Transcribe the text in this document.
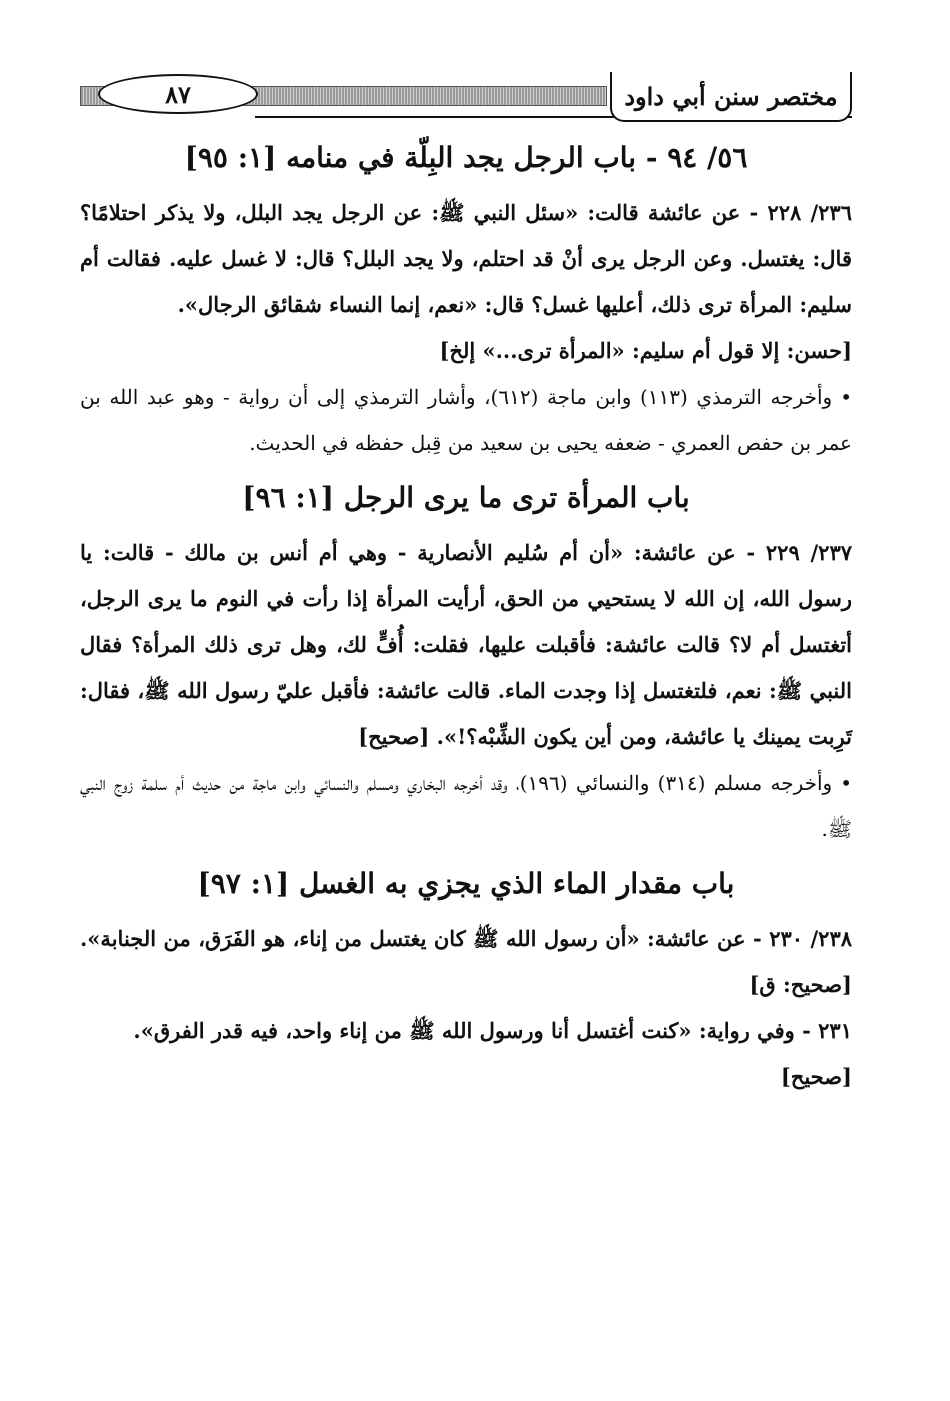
٨٧	مختصر سنن أبي داود
٥٦/ ٩٤ - باب الرجل يجد البِلّة في منامه [١: ٩٥]

٢٣٦/ ٢٢٨ - عن عائشة قالت: «سئل النبي ﷺ: عن الرجل يجد البلل، ولا يذكر احتلامًا؟ قال: يغتسل. وعن الرجل يرى أنْ قد احتلم، ولا يجد البلل؟ قال: لا غسل عليه. فقالت أم سليم: المرأة ترى ذلك، أعليها غسل؟ قال: «نعم، إنما النساء شقائق الرجال».

[حسن: إلا قول أم سليم: «المرأة ترى...» إلخ]

•وأخرجه الترمذي (١١٣) وابن ماجة (٦١٢)، وأشار الترمذي إلى أن رواية - وهو عبد الله بن عمر بن حفص العمري - ضعفه يحيى بن سعيد من قِبل حفظه في الحديث.

باب المرأة ترى ما يرى الرجل [١: ٩٦]

٢٣٧/ ٢٢٩ - عن عائشة: «أن أم سُليم الأنصارية - وهي أم أنس بن مالك - قالت: يا رسول الله، إن الله لا يستحيي من الحق، أرأيت المرأة إذا رأت في النوم ما يرى الرجل، أتغتسل أم لا؟ قالت عائشة: فأقبلت عليها، فقلت: أُفٍّ لك، وهل ترى ذلك المرأة؟ فقال النبي ﷺ: نعم، فلتغتسل إذا وجدت الماء. قالت عائشة: فأقبل عليّ رسول الله ﷺ، فقال: تَرِبت يمينك يا عائشة، ومن أين يكون الشِّبْه؟!». [صحيح]

•وأخرجه مسلم (٣١٤) والنسائي (١٩٦)، وقد أخرجه البخاري ومسلم والنسائي وابن ماجة من حديث أم سلمة زوج النبي ﷺ.

باب مقدار الماء الذي يجزي به الغسل [١: ٩٧]

٢٣٨/ ٢٣٠ - عن عائشة: «أن رسول الله ﷺ كان يغتسل من إناء، هو الفَرَق، من الجنابة». [صحيح: ق]

٢٣١ - وفي رواية: «كنت أغتسل أنا ورسول الله ﷺ من إناء واحد، فيه قدر الفرق».

[صحيح]
